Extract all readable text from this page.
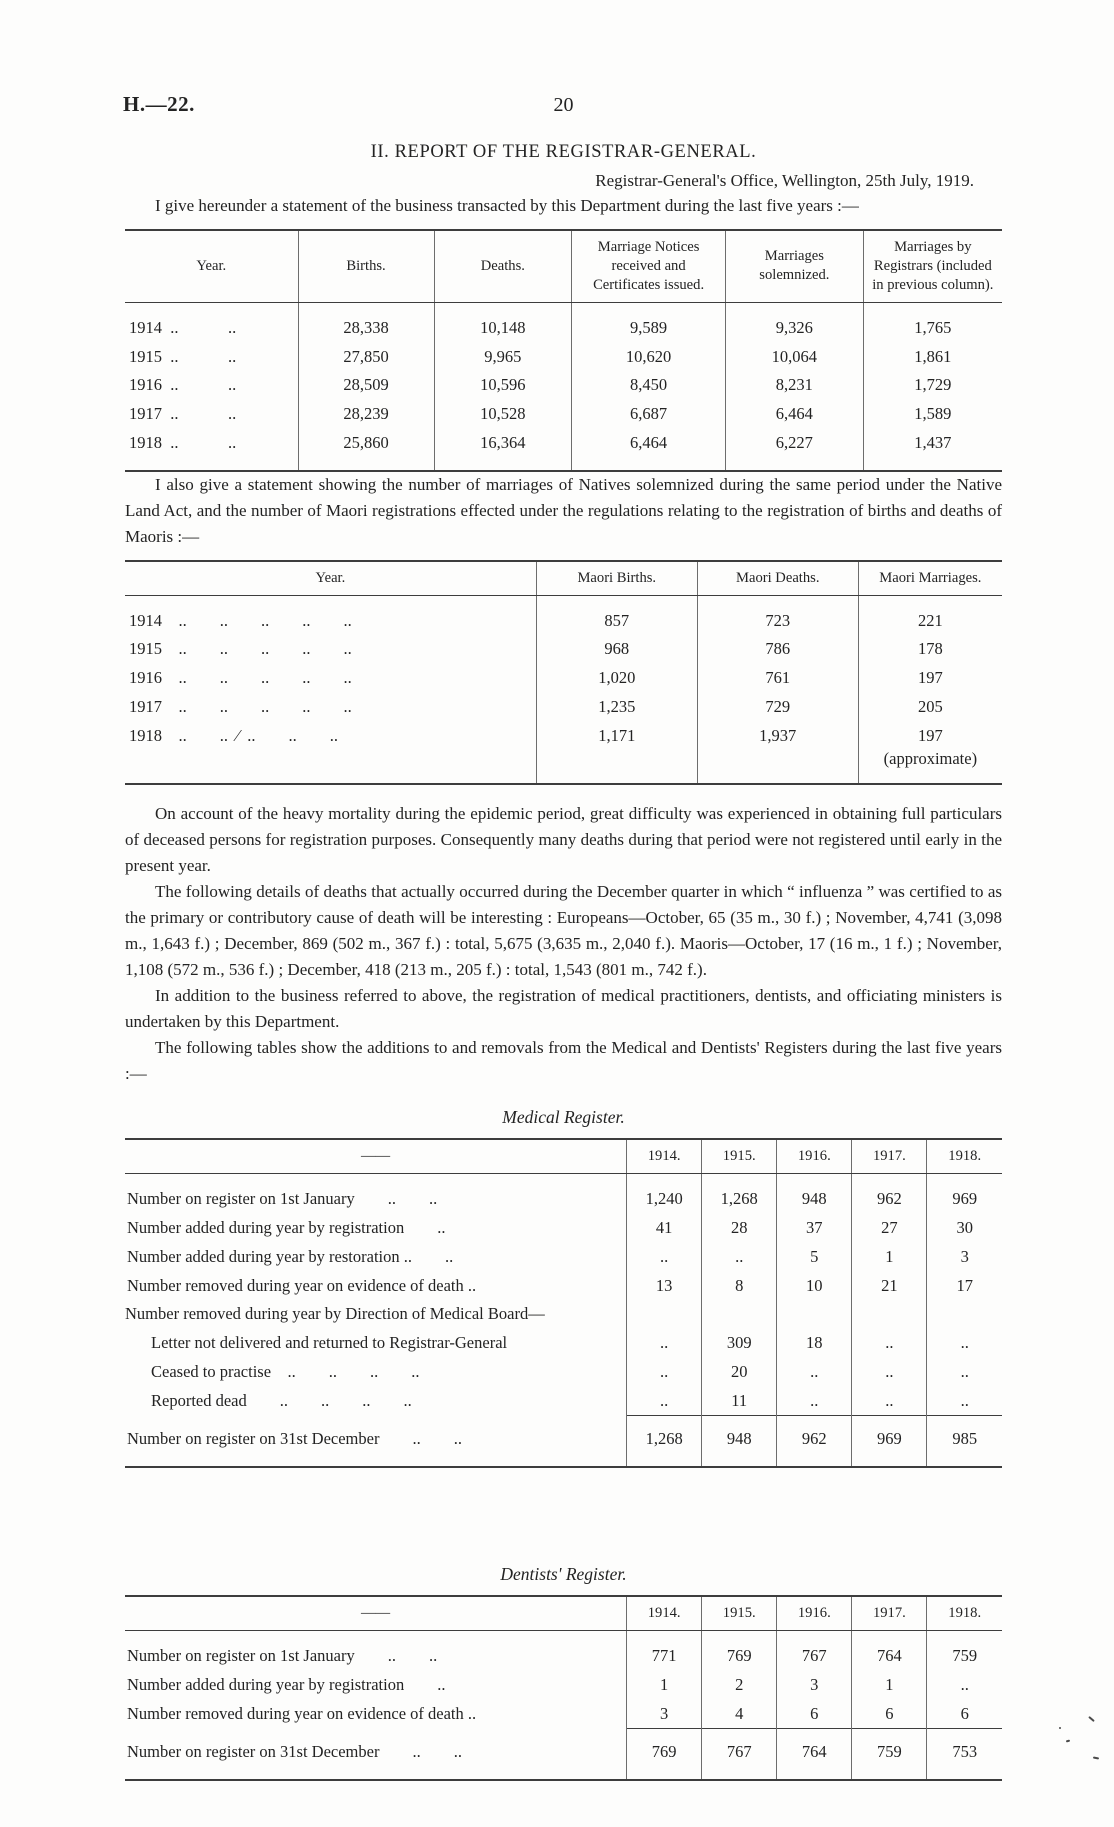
H.—22.	20
II. REPORT OF THE REGISTRAR-GENERAL.
Registrar-General's Office, Wellington, 25th July, 1919.

I give hereunder a statement of the business transacted by this Department during the last five years :—

Year.	Births.	Deaths.	Marriage Notices received and Certificates issued.	Marriages solemnized.	Marriages by Registrars (included in previous column).
1914 ..   ..	28,338	10,148	9,589	9,326	1,765
1915 ..   ..	27,850	9,965	10,620	10,064	1,861
1916 ..   ..	28,509	10,596	8,450	8,231	1,729
1917 ..   ..	28,239	10,528	6,687	6,464	1,589
1918 ..   ..	25,860	16,364	6,464	6,227	1,437

I also give a statement showing the number of marriages of Natives solemnized during the same period under the Native Land Act, and the number of Maori registrations effected under the regulations relating to the registration of births and deaths of Maoris :—

Year.	Maori Births.	Maori Deaths.	Maori Marriages.
1914 ..  ..  ..  ..  ..	857	723	221
1915 ..  ..  ..  ..  ..	968	786	178
1916 ..  ..  ..  ..  ..	1,020	761	197
1917 ..  ..  ..  ..  ..	1,235	729	205
1918 ..  .. ⁄ ..  ..  ..	1,171	1,937	197
			(approximate)

On account of the heavy mortality during the epidemic period, great difficulty was experienced in obtaining full particulars of deceased persons for registration purposes. Consequently many deaths during that period were not registered until early in the present year.

The following details of deaths that actually occurred during the December quarter in which “ influenza ” was certified to as the primary or contributory cause of death will be interesting : Europeans—October, 65 (35 m., 30 f.) ; November, 4,741 (3,098 m., 1,643 f.) ; December, 869 (502 m., 367 f.) : total, 5,675 (3,635 m., 2,040 f.). Maoris—October, 17 (16 m., 1 f.) ; November, 1,108 (572 m., 536 f.) ; December, 418 (213 m., 205 f.) : total, 1,543 (801 m., 742 f.).

In addition to the business referred to above, the registration of medical practitioners, dentists, and officiating ministers is undertaken by this Department.

The following tables show the additions to and removals from the Medical and Dentists' Registers during the last five years :—

Medical Register.
——	1914.	1915.	1916.	1917.	1918.
Number on register on 1st January  ..  ..	1,240	1,268	948	962	969
Number added during year by registration  ..	41	28	37	27	30
Number added during year by restoration ..  ..	..	..	5	1	3
Number removed during year on evidence of death ..	13	8	10	21	17
Number removed during year by Direction of Medical Board—					
Letter not delivered and returned to Registrar-General	..	309	18	..	..
Ceased to practise ..  ..  ..  ..	..	20	..	..	..
Reported dead  ..  ..  ..  ..	..	11	..	..	..
Number on register on 31st December  ..  ..	1,268	948	962	969	985
Dentists' Register.
——	1914.	1915.	1916.	1917.	1918.
Number on register on 1st January  ..  ..	771	769	767	764	759
Number added during year by registration  ..	1	2	3	1	..
Number removed during year on evidence of death ..	3	4	6	6	6
Number on register on 31st December  ..  ..	769	767	764	759	753
